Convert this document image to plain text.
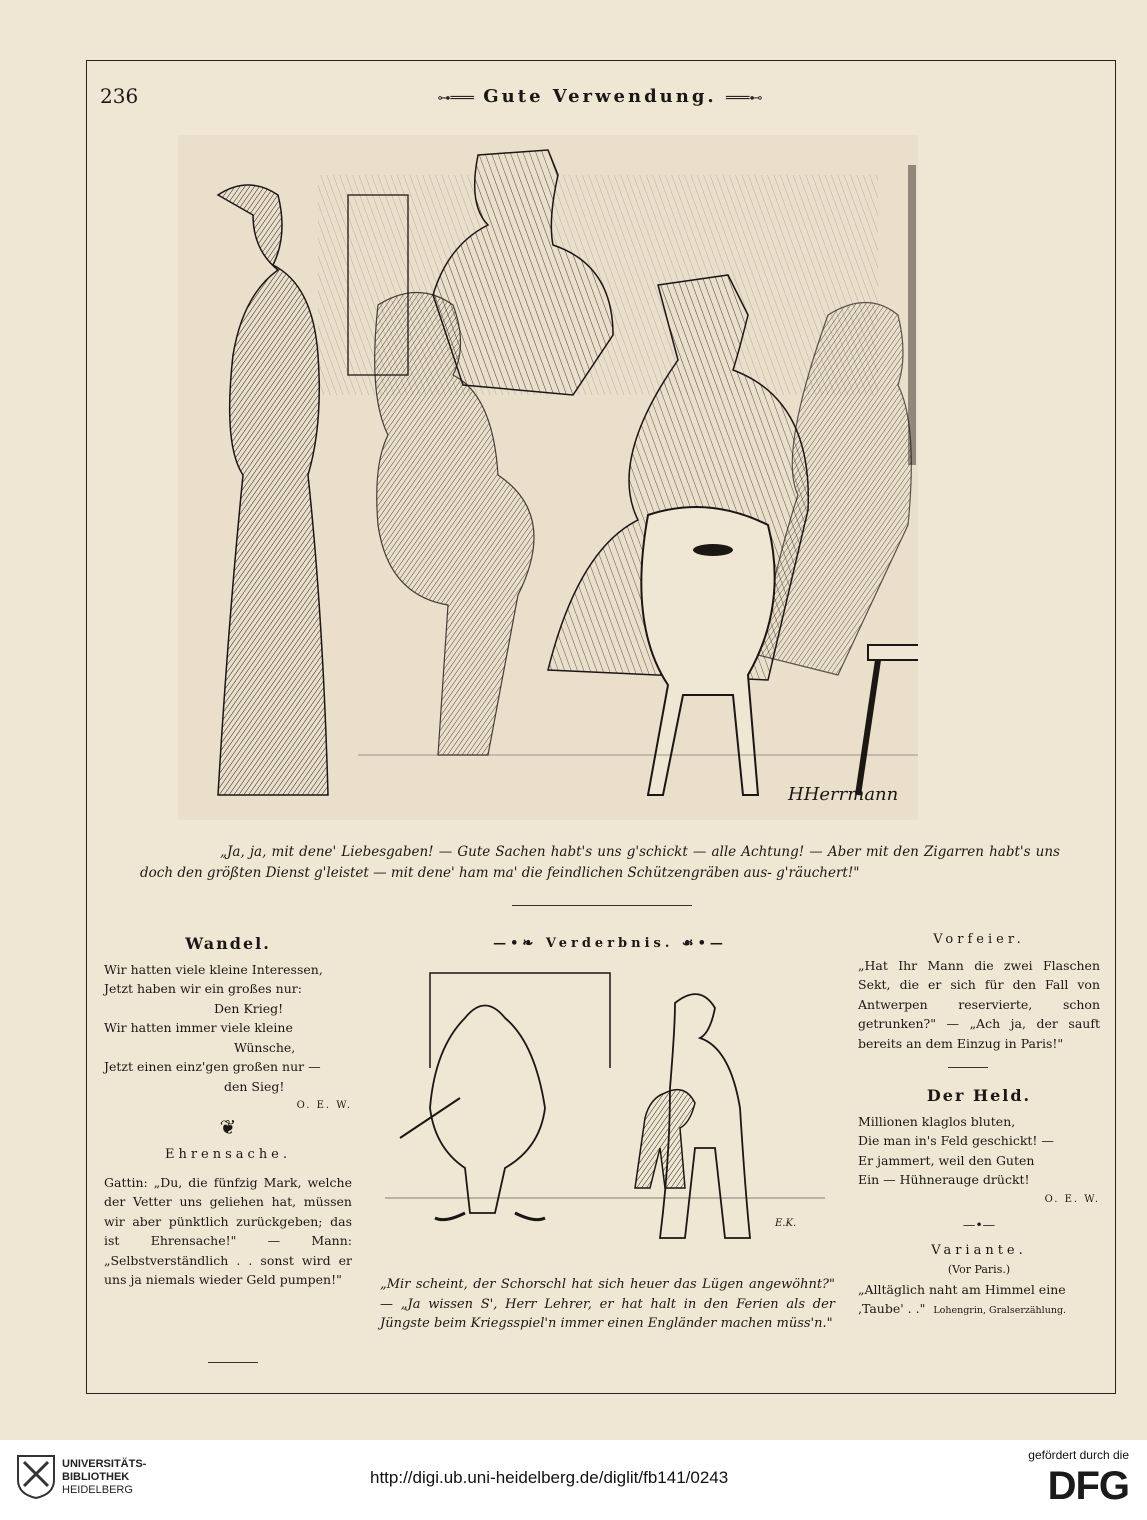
236	⊶═══ Gute Verwendung. ═══⊷
HHerrmann
„Ja, ja, mit dene' Liebesgaben! — Gute Sachen habt's uns g'schickt — alle Achtung! — Aber mit den Zigarren habt's uns doch den größten Dienst g'leistet — mit dene' ham ma' die feindlichen Schützengräben aus- g'räuchert!"
Wandel.
Wir hatten viele kleine Interessen,
Jetzt haben wir ein großes nur:
Den Krieg!
Wir hatten immer viele kleine
Wünsche,
Jetzt einen einz'gen großen nur —
den Sieg!
O. E. W.
❦
Ehrensache.
Gattin: „Du, die fünfzig Mark, welche der Vetter uns geliehen hat, müssen wir aber pünktlich zurückgeben; das ist Ehrensache!" — Mann: „Selbstverständlich . . sonst wird er uns ja niemals wieder Geld pumpen!"
—•❧ Verderbnis. ☙•—
E.K.
„Mir scheint, der Schorschl hat sich heuer das Lügen angewöhnt?" — „Ja wissen S', Herr Lehrer, er hat halt in den Ferien als der Jüngste beim Kriegsspiel'n immer einen Engländer machen müss'n."
Vorfeier.
„Hat Ihr Mann die zwei Flaschen Sekt, die er sich für den Fall von Antwerpen reservierte, schon getrunken?" — „Ach ja, der sauft bereits an dem Einzug in Paris!"
Der Held.
Millionen klaglos bluten,
Die man in's Feld geschickt! —
Er jammert, weil den Guten
Ein — Hühnerauge drückt!
O. E. W.
—•—
Variante.
(Vor Paris.)
„Alltäglich naht am Himmel eine ‚Taube' . ." Lohengrin, Gralserzählung.
UNIVERSITÄTS-
BIBLIOTHEK
HEIDELBERG
http://digi.ub.uni-heidelberg.de/diglit/fb141/0243
gefördert durch die
DFG
